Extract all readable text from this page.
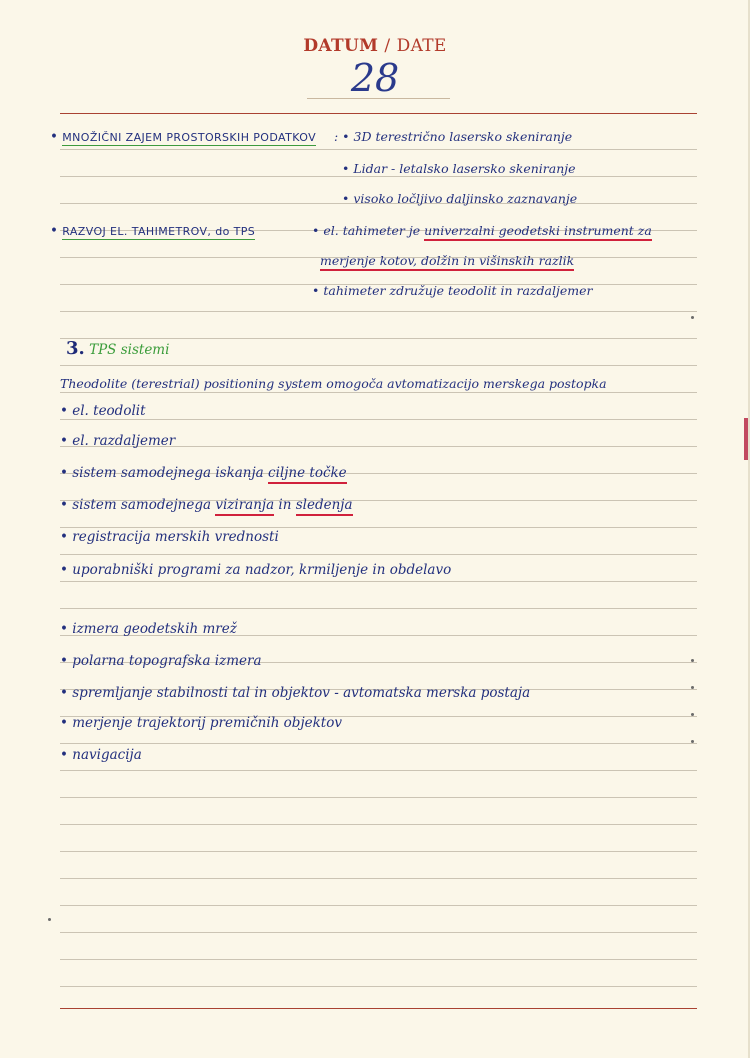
DATUM / DATE
28
• MNOŽIČNI ZAJEM PROSTORSKIH PODATKOV : • 3D terestrično lasersko skeniranje
• Lidar - letalsko lasersko skeniranje
• visoko ločljivo daljinsko zaznavanje
• RAZVOJ EL. TAHIMETROV, do TPS	• el. tahimeter je univerzalni geodetski instrument za
merjenje kotov, dolžin in višinskih razlik
• tahimeter združuje teodolit in razdaljemer
3. TPS sistemi
Theodolite (terestrial) positioning system omogoča avtomatizacijo merskega postopka
• el. teodolit
• el. razdaljemer
• sistem samodejnega iskanja ciljne točke
• sistem samodejnega viziranja in sledenja
• registracija merskih vrednosti
• uporabniški programi za nadzor, krmiljenje in obdelavo
• izmera geodetskih mrež
• polarna topografska izmera
• spremljanje stabilnosti tal in objektov - avtomatska merska postaja
• merjenje trajektorij premičnih objektov
• navigacija
